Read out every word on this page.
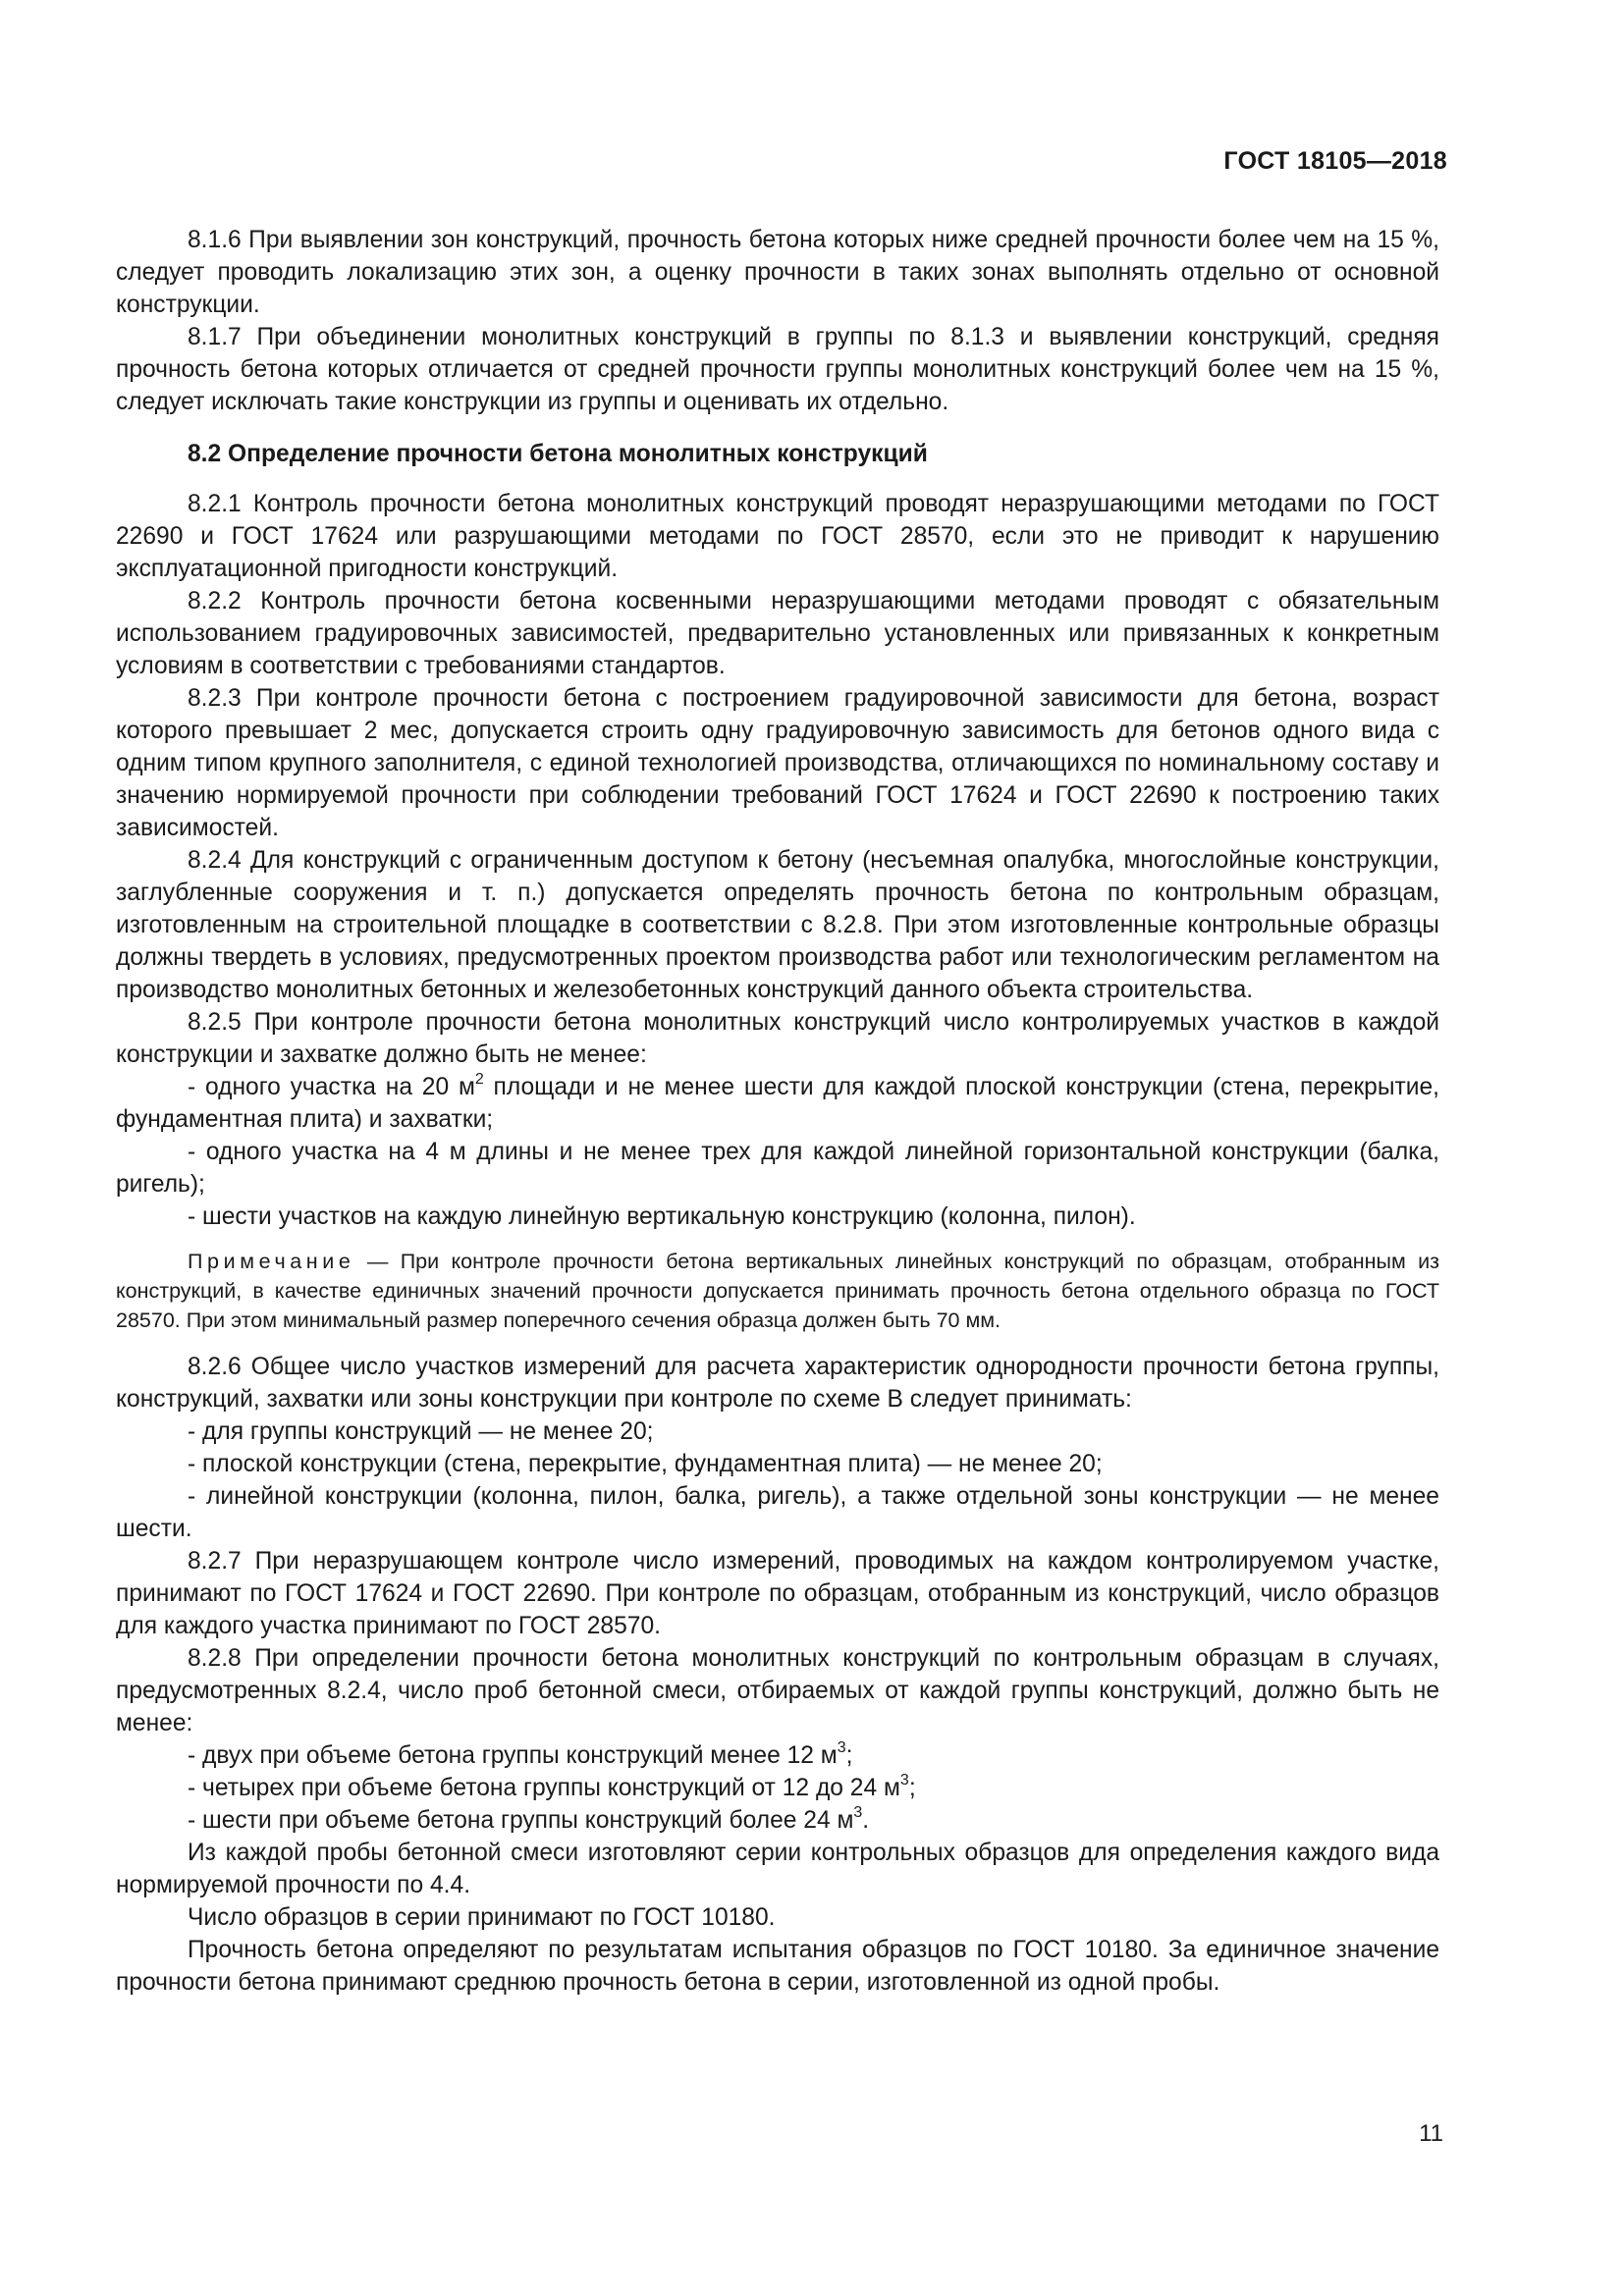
ГОСТ 18105—2018

8.1.6 При выявлении зон конструкций, прочность бетона которых ниже средней прочности более чем на 15 %, следует проводить локализацию этих зон, а оценку прочности в таких зонах выполнять отдельно от основной конструкции.

8.1.7 При объединении монолитных конструкций в группы по 8.1.3 и выявлении конструкций, средняя прочность бетона которых отличается от средней прочности группы монолитных конструкций более чем на 15 %, следует исключать такие конструкции из группы и оценивать их отдельно.

8.2 Определение прочности бетона монолитных конструкций

8.2.1 Контроль прочности бетона монолитных конструкций проводят неразрушающими методами по ГОСТ 22690 и ГОСТ 17624 или разрушающими методами по ГОСТ 28570, если это не приводит к нарушению эксплуатационной пригодности конструкций.

8.2.2 Контроль прочности бетона косвенными неразрушающими методами проводят с обязательным использованием градуировочных зависимостей, предварительно установленных или привязанных к конкретным условиям в соответствии с требованиями стандартов.

8.2.3 При контроле прочности бетона с построением градуировочной зависимости для бетона, возраст которого превышает 2 мес, допускается строить одну градуировочную зависимость для бетонов одного вида с одним типом крупного заполнителя, с единой технологией производства, отличающихся по номинальному составу и значению нормируемой прочности при соблюдении требований ГОСТ 17624 и ГОСТ 22690 к построению таких зависимостей.

8.2.4 Для конструкций с ограниченным доступом к бетону (несъемная опалубка, многослойные конструкции, заглубленные сооружения и т. п.) допускается определять прочность бетона по контрольным образцам, изготовленным на строительной площадке в соответствии с 8.2.8. При этом изготовленные контрольные образцы должны твердеть в условиях, предусмотренных проектом производства работ или технологическим регламентом на производство монолитных бетонных и железобетонных конструкций данного объекта строительства.

8.2.5 При контроле прочности бетона монолитных конструкций число контролируемых участков в каждой конструкции и захватке должно быть не менее:

- одного участка на 20 $м^2$ площади и не менее шести для каждой плоской конструкции (стена, перекрытие, фундаментная плита) и захватки;

- одного участка на 4 м длины и не менее трех для каждой линейной горизонтальной конструкции (балка, ригель);

- шести участков на каждую линейную вертикальную конструкцию (колонна, пилон).

Примечание — При контроле прочности бетона вертикальных линейных конструкций по образцам, отобранным из конструкций, в качестве единичных значений прочности допускается принимать прочность бетона отдельного образца по ГОСТ 28570. При этом минимальный размер поперечного сечения образца должен быть 70 мм.

8.2.6 Общее число участков измерений для расчета характеристик однородности прочности бетона группы, конструкций, захватки или зоны конструкции при контроле по схеме В следует принимать:

- для группы конструкций — не менее 20;

- плоской конструкции (стена, перекрытие, фундаментная плита) — не менее 20;

- линейной конструкции (колонна, пилон, балка, ригель), а также отдельной зоны конструкции — не менее шести.

8.2.7 При неразрушающем контроле число измерений, проводимых на каждом контролируемом участке, принимают по ГОСТ 17624 и ГОСТ 22690. При контроле по образцам, отобранным из конструкций, число образцов для каждого участка принимают по ГОСТ 28570.

8.2.8 При определении прочности бетона монолитных конструкций по контрольным образцам в случаях, предусмотренных 8.2.4, число проб бетонной смеси, отбираемых от каждой группы конструкций, должно быть не менее:

- двух при объеме бетона группы конструкций менее 12 $м^3$;

- четырех при объеме бетона группы конструкций от 12 до 24 $м^3$;

- шести при объеме бетона группы конструкций более 24 $м^3$.

Из каждой пробы бетонной смеси изготовляют серии контрольных образцов для определения каждого вида нормируемой прочности по 4.4.

Число образцов в серии принимают по ГОСТ 10180.

Прочность бетона определяют по результатам испытания образцов по ГОСТ 10180. За единичное значение прочности бетона принимают среднюю прочность бетона в серии, изготовленной из одной пробы.

11
